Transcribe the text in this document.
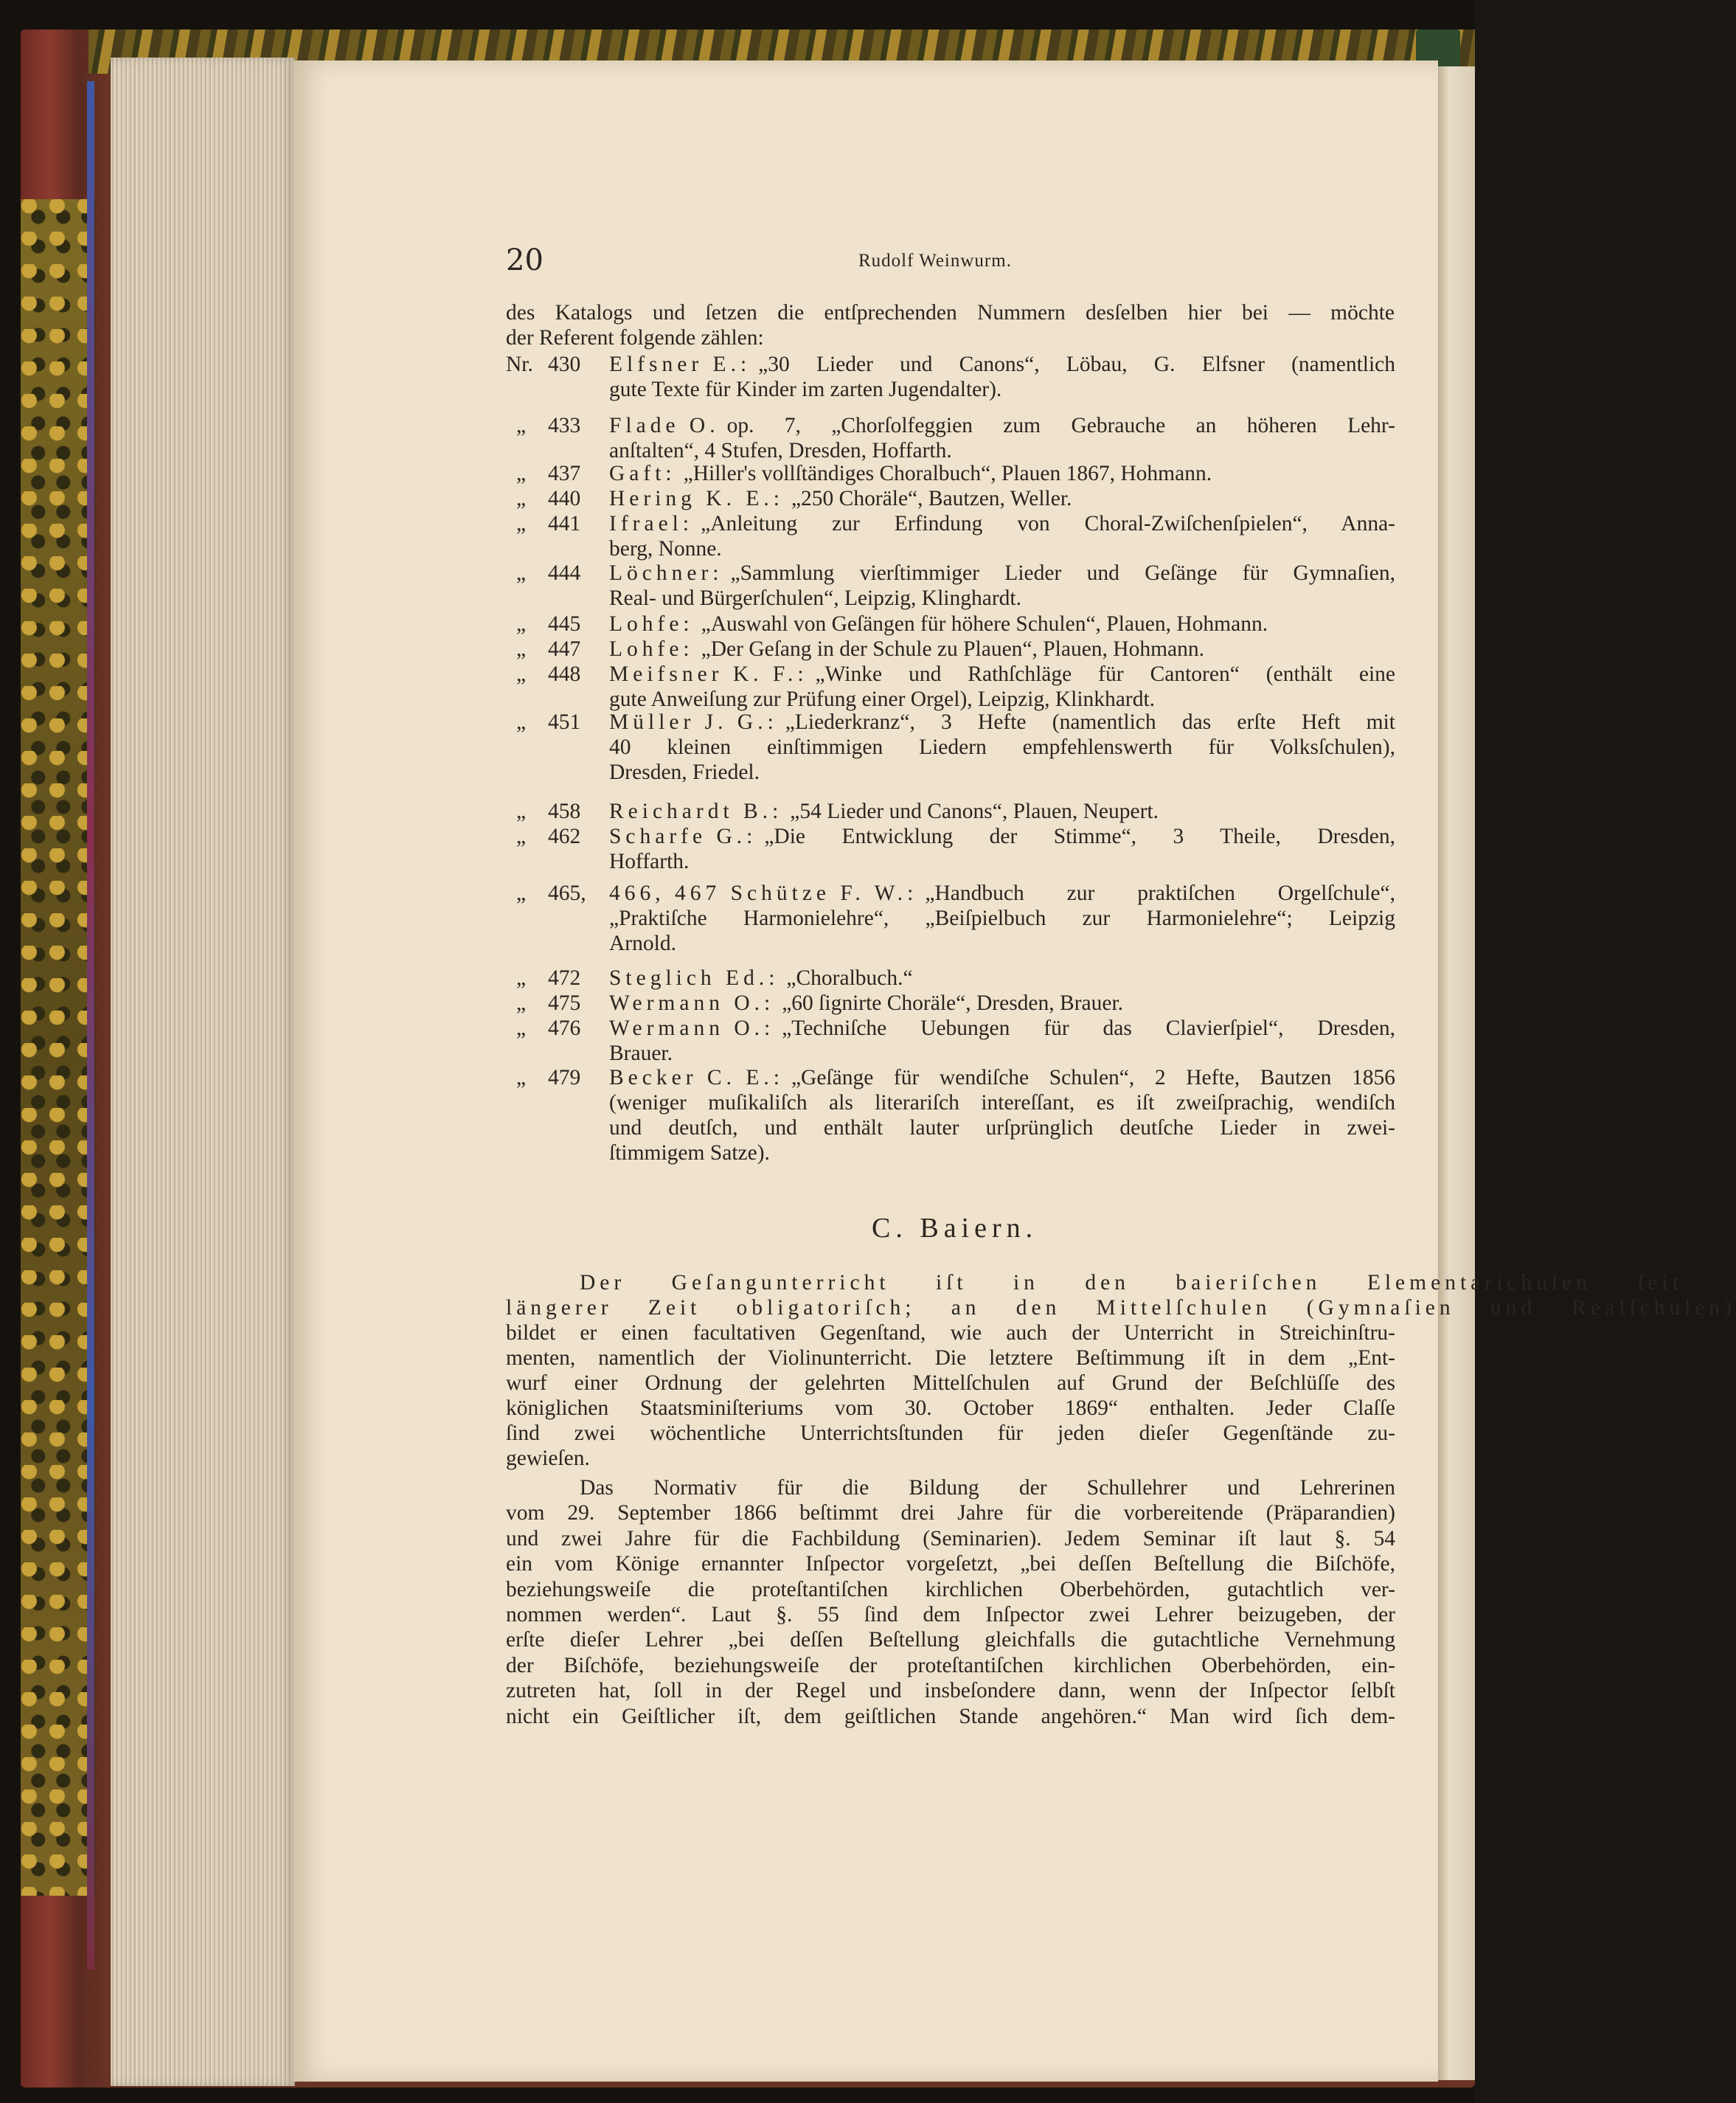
20	Rudolf Weinwurm.
des Katalogs und ſetzen die entſprechenden Nummern desſelben hier bei — möchte
der Referent folgende zählen:
Nr. 430 Elfsner E.: „30 Lieder und Canons“, Löbau, G. Elfsner (namentlich
gute Texte für Kinder im zarten Jugendalter).
„ 433 Flade O. op. 7, „Chorſolfeggien zum Gebrauche an höheren Lehr-
anſtalten“, 4 Stufen, Dresden, Hoffarth.
„ 437 Gaft: „Hiller's vollſtändiges Choralbuch“, Plauen 1867, Hohmann.
„ 440 Hering K. E.: „250 Choräle“, Bautzen, Weller.
„ 441 Ifrael: „Anleitung zur Erfindung von Choral-Zwiſchenſpielen“, Anna-
berg, Nonne.
„ 444 Löchner: „Sammlung vierſtimmiger Lieder und Geſänge für Gymnaſien,
Real- und Bürgerſchulen“, Leipzig, Klinghardt.
„ 445 Lohfe: „Auswahl von Geſängen für höhere Schulen“, Plauen, Hohmann.
„ 447 Lohfe: „Der Geſang in der Schule zu Plauen“, Plauen, Hohmann.
„ 448 Meifsner K. F.: „Winke und Rathſchläge für Cantoren“ (enthält eine
gute Anweiſung zur Prüfung einer Orgel), Leipzig, Klinkhardt.
„ 451 Müller J. G.: „Liederkranz“, 3 Hefte (namentlich das erſte Heft mit
40 kleinen einſtimmigen Liedern empfehlenswerth für Volksſchulen),
Dresden, Friedel.
„ 458 Reichardt B.: „54 Lieder und Canons“, Plauen, Neupert.
„ 462 Scharfe G.: „Die Entwicklung der Stimme“, 3 Theile, Dresden,
Hoffarth.
„ 465, 466, 467 Schütze F. W.: „Handbuch zur praktiſchen Orgelſchule“,
„Praktiſche Harmonielehre“, „Beiſpielbuch zur Harmonielehre“; Leipzig
Arnold.
„ 472 Steglich Ed.: „Choralbuch.“
„ 475 Wermann O.: „60 ſignirte Choräle“, Dresden, Brauer.
„ 476 Wermann O.: „Techniſche Uebungen für das Clavierſpiel“, Dresden,
Brauer.
„ 479 Becker C. E.: „Geſänge für wendiſche Schulen“, 2 Hefte, Bautzen 1856
(weniger muſikaliſch als literariſch intereſſant, es iſt zweiſprachig, wendiſch
und deutſch, und enthält lauter urſprünglich deutſche Lieder in zwei-
ſtimmigem Satze).
C. Baiern.
Der Geſangunterricht iſt in den baieriſchen Elementarichulen ſeit
längerer Zeit obligatoriſch; an den Mittelſchulen (Gymnaſien und Realſchulen)
bildet er einen facultativen Gegenſtand, wie auch der Unterricht in Streichinſtru-
menten, namentlich der Violinunterricht. Die letztere Beſtimmung iſt in dem „Ent-
wurf einer Ordnung der gelehrten Mittelſchulen auf Grund der Beſchlüſſe des
königlichen Staatsminiſteriums vom 30. October 1869“ enthalten. Jeder Claſſe
ſind zwei wöchentliche Unterrichtsſtunden für jeden dieſer Gegenſtände zu-
gewieſen.
Das Normativ für die Bildung der Schullehrer und Lehrerinen
vom 29. September 1866 beſtimmt drei Jahre für die vorbereitende (Präparandien)
und zwei Jahre für die Fachbildung (Seminarien). Jedem Seminar iſt laut §. 54
ein vom Könige ernannter Inſpector vorgeſetzt, „bei deſſen Beſtellung die Biſchöfe,
beziehungsweiſe die proteſtantiſchen kirchlichen Oberbehörden, gutachtlich ver-
nommen werden“. Laut §. 55 ſind dem Inſpector zwei Lehrer beizugeben, der
erſte dieſer Lehrer „bei deſſen Beſtellung gleichfalls die gutachtliche Vernehmung
der Biſchöfe, beziehungsweiſe der proteſtantiſchen kirchlichen Oberbehörden, ein-
zutreten hat, ſoll in der Regel und insbeſondere dann, wenn der Inſpector ſelbſt
nicht ein Geiſtlicher iſt, dem geiſtlichen Stande angehören.“ Man wird ſich dem-
